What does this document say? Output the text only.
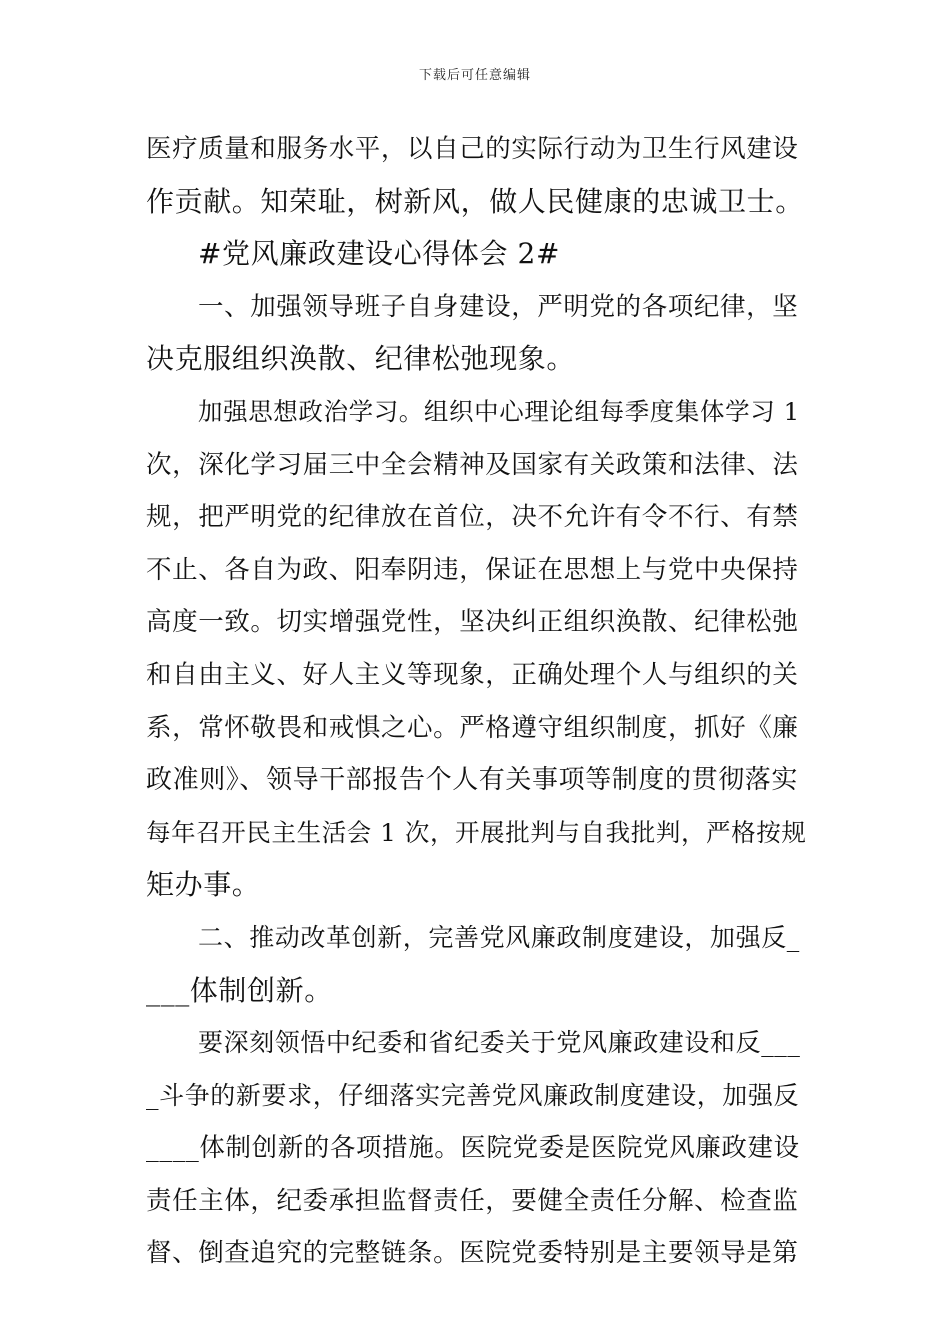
下载后可任意编辑
医疗质量和服务水平，以自己的实际行动为卫生行风建设
作贡献。知荣耻，树新风，做人民健康的忠诚卫士。
#党风廉政建设心得体会 2#
一、加强领导班子自身建设，严明党的各项纪律，坚
决克服组织涣散、纪律松弛现象。
加强思想政治学习。组织中心理论组每季度集体学习 1
次，深化学习届三中全会精神及国家有关政策和法律、法
规，把严明党的纪律放在首位，决不允许有令不行、有禁
不止、各自为政、阳奉阴违，保证在思想上与党中央保持
高度一致。切实增强党性，坚决纠正组织涣散、纪律松弛
和自由主义、好人主义等现象，正确处理个人与组织的关
系，常怀敬畏和戒惧之心。严格遵守组织制度，抓好《廉
政准则》、领导干部报告个人有关事项等制度的贯彻落实
每年召开民主生活会 1 次，开展批判与自我批判，严格按规
矩办事。
二、推动改革创新，完善党风廉政制度建设，加强反_
___体制创新。
要深刻领悟中纪委和省纪委关于党风廉政建设和反___
_斗争的新要求，仔细落实完善党风廉政制度建设，加强反
____体制创新的各项措施。医院党委是医院党风廉政建设
责任主体，纪委承担监督责任，要健全责任分解、检查监
督、倒查追究的完整链条。医院党委特别是主要领导是第
